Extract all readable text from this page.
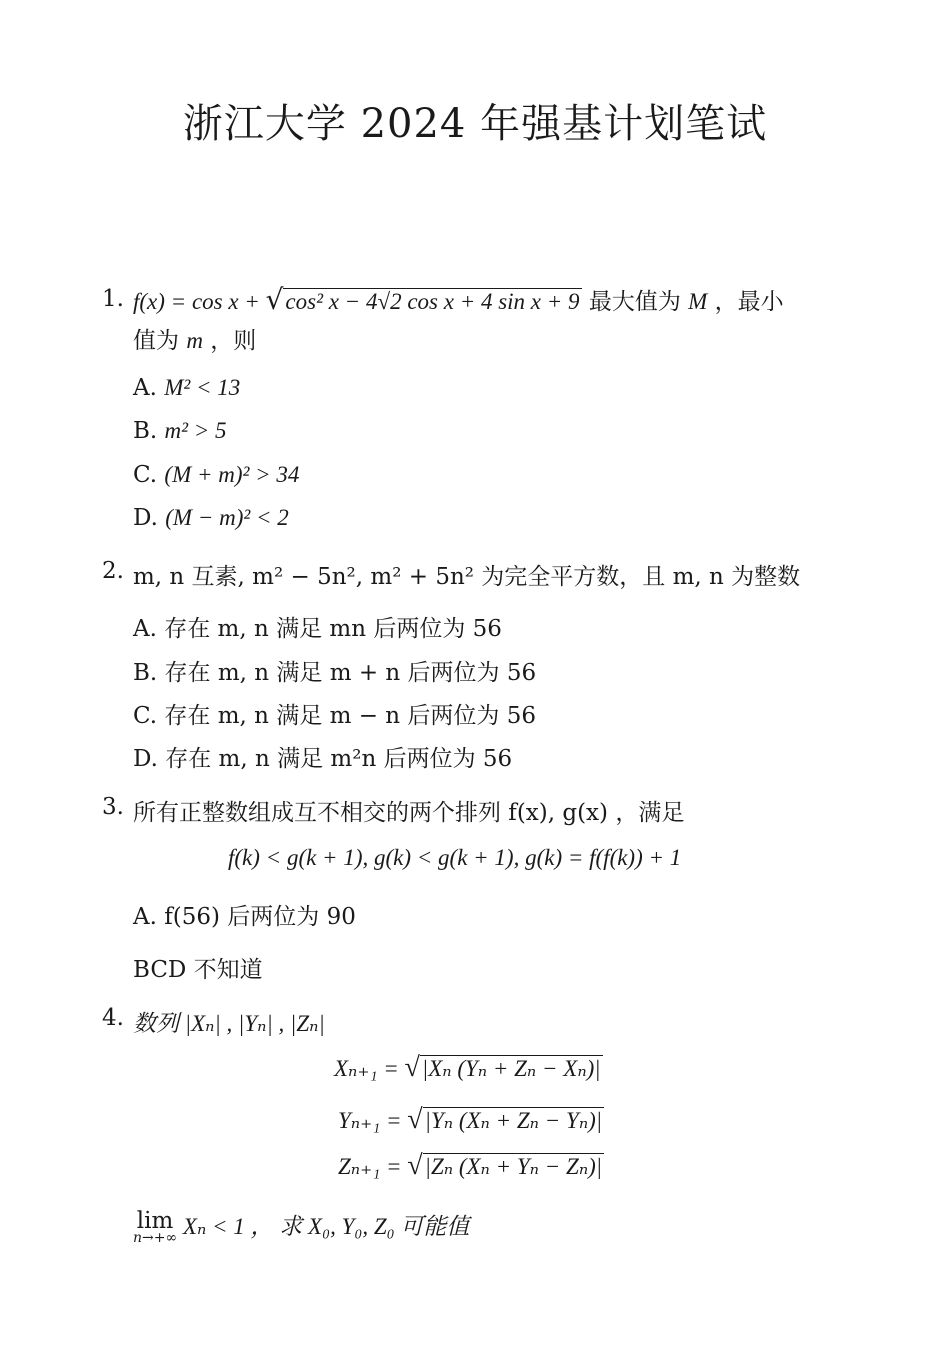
浙江大学 2024 年强基计划笔试
1. f(x) = cos x + √cos² x − 4√2 cos x + 4 sin x + 9 最大值为 M ，最小
值为 m ，则
A. M² < 13
B. m² > 5
C. (M + m)² > 34
D. (M − m)² < 2
2. m, n 互素, m² − 5n², m² + 5n² 为完全平方数，且 m, n 为整数
A. 存在 m, n 满足 mn 后两位为 56
B. 存在 m, n 满足 m + n 后两位为 56
C. 存在 m, n 满足 m − n 后两位为 56
D. 存在 m, n 满足 m²n 后两位为 56
3. 所有正整数组成互不相交的两个排列 f(x), g(x) ，满足
f(k) < g(k + 1), g(k) < g(k + 1), g(k) = f(f(k)) + 1
A. f(56) 后两位为 90
BCD 不知道
4. 数列 |Xₙ| , |Yₙ| , |Zₙ|
Xₙ₊₁ = √|Xₙ (Yₙ + Zₙ − Xₙ)|
Yₙ₊₁ = √|Yₙ (Xₙ + Zₙ − Yₙ)|
Zₙ₊₁ = √|Zₙ (Xₙ + Yₙ − Zₙ)|
lim
n→+∞ Xₙ < 1 ， 求 X₀, Y₀, Z₀ 可能值
